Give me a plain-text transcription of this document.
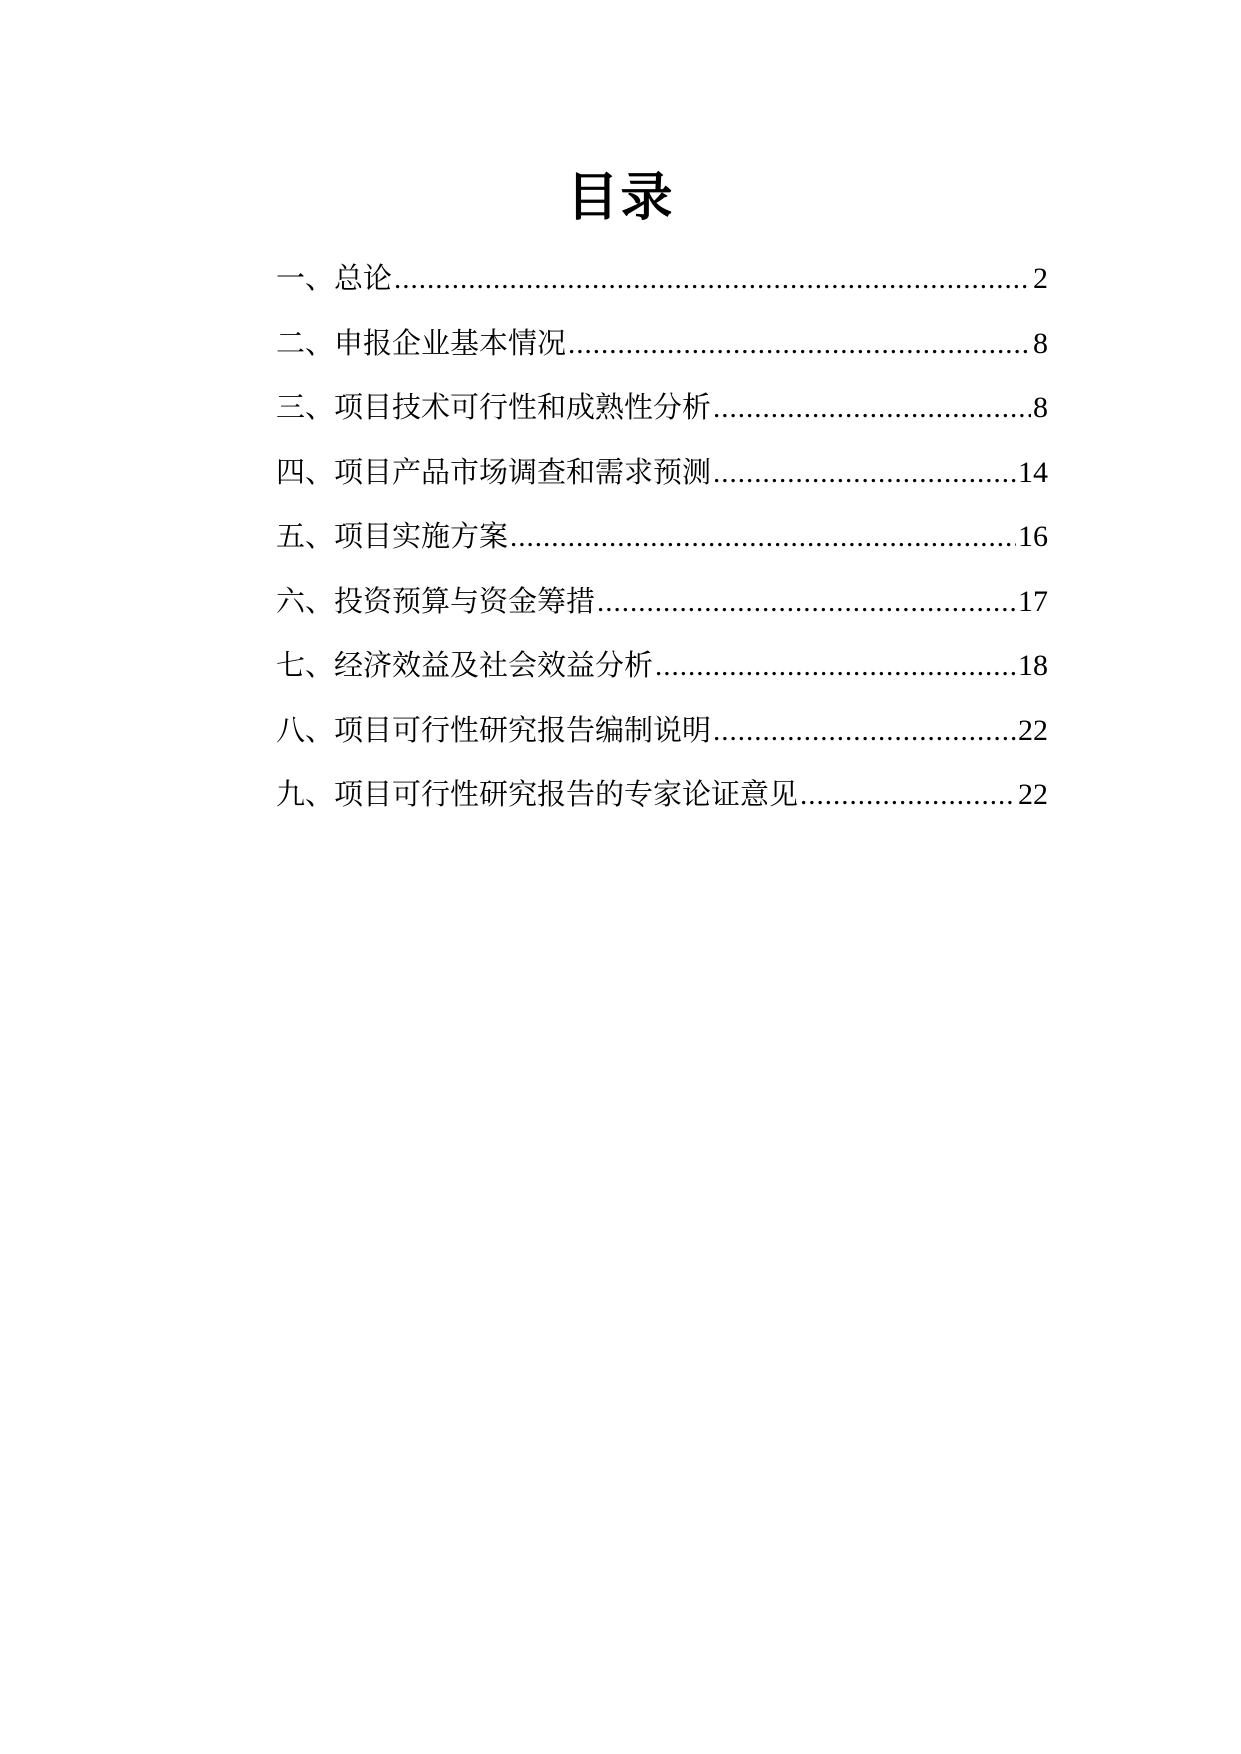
目录
一、总论 .....	2
二、申报企业基本情况 .....	8
三、项目技术可行性和成熟性分析 .....	8
四、项目产品市场调查和需求预测 .....	14
五、项目实施方案 .....	16
六、投资预算与资金筹措 .....	17
七、经济效益及社会效益分析 .....	18
八、项目可行性研究报告编制说明 .....	22
九、项目可行性研究报告的专家论证意见 .....	22
